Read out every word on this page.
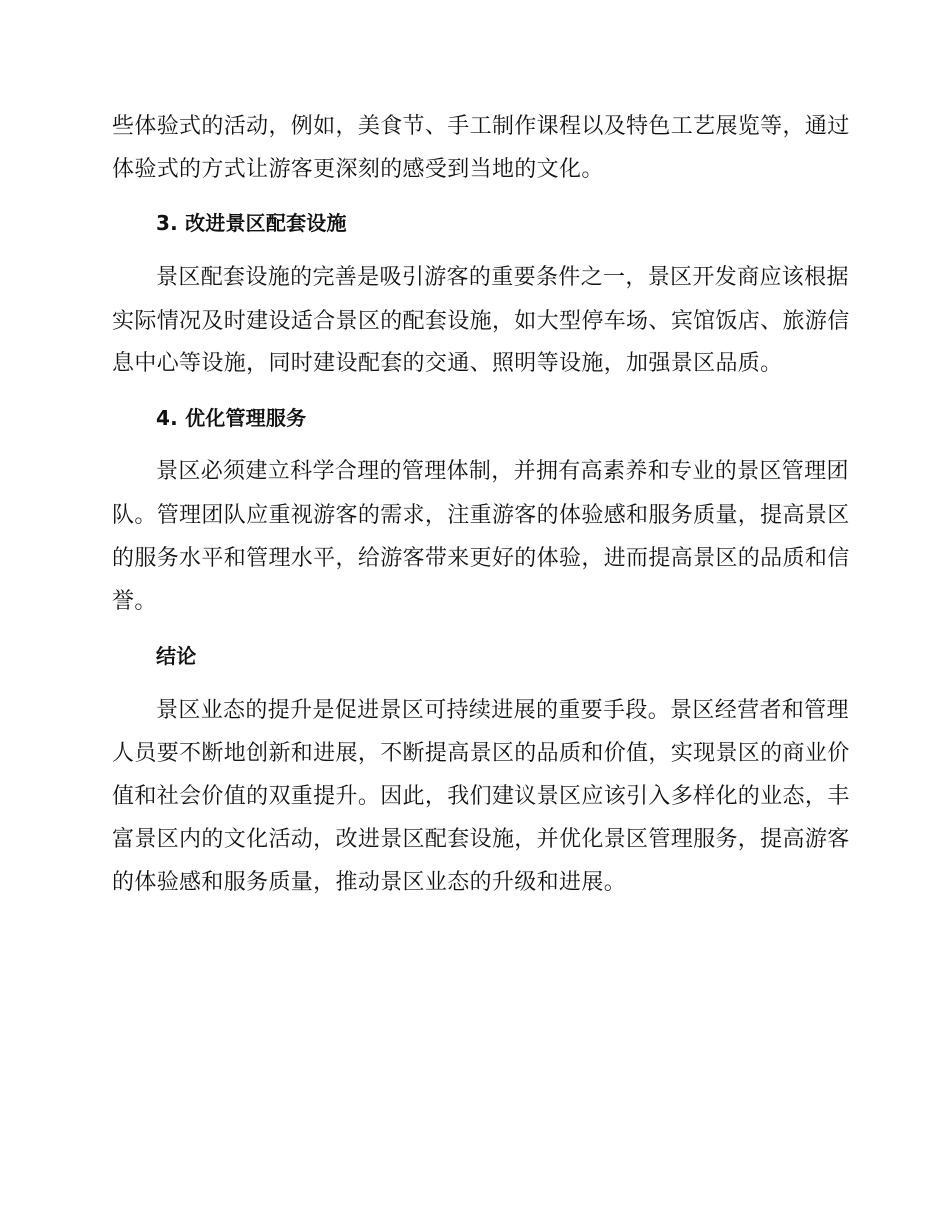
些体验式的活动，例如，美食节、手工制作课程以及特色工艺展览等，通过
体验式的方式让游客更深刻的感受到当地的文化。
3. 改进景区配套设施
景区配套设施的完善是吸引游客的重要条件之一，景区开发商应该根据
实际情况及时建设适合景区的配套设施，如大型停车场、宾馆饭店、旅游信
息中心等设施，同时建设配套的交通、照明等设施，加强景区品质。
4. 优化管理服务
景区必须建立科学合理的管理体制，并拥有高素养和专业的景区管理团
队。管理团队应重视游客的需求，注重游客的体验感和服务质量，提高景区
的服务水平和管理水平，给游客带来更好的体验，进而提高景区的品质和信
誉。
结论
景区业态的提升是促进景区可持续进展的重要手段。景区经营者和管理
人员要不断地创新和进展，不断提高景区的品质和价值，实现景区的商业价
值和社会价值的双重提升。因此，我们建议景区应该引入多样化的业态，丰
富景区内的文化活动，改进景区配套设施，并优化景区管理服务，提高游客
的体验感和服务质量，推动景区业态的升级和进展。
